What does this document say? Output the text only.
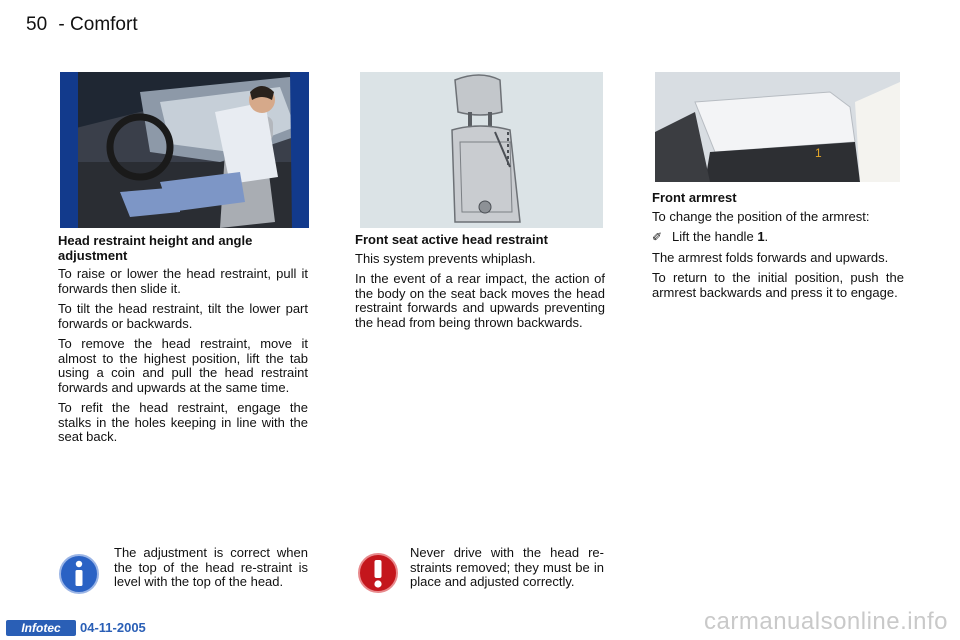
50 - Comfort
1

Head restraint height and angle adjustment

To raise or lower the head restraint, pull it forwards then slide it.

To tilt the head restraint, tilt the lower part forwards or backwards.

To remove the head restraint, move it almost to the highest position, lift the tab using a coin and pull the head restraint forwards and upwards at the same time.

To refit the head restraint, engage the stalks in the holes keeping in line with the seat back.

Front seat active head restraint

This system prevents whiplash.

In the event of a rear impact, the action of the body on the seat back moves the head restraint forwards and upwards preventing the head from being thrown backwards.

Front armrest

To change the position of the armrest:

✐ Lift the handle 1.

The armrest folds forwards and upwards.

To return to the initial position, push the armrest backwards and press it to engage.

The adjustment is correct when the top of the head re-straint is level with the top of the head.
Never drive with the head re-straints removed; they must be in place and adjusted correctly.
Infotec	04-11-2005	carmanualsonline.info
